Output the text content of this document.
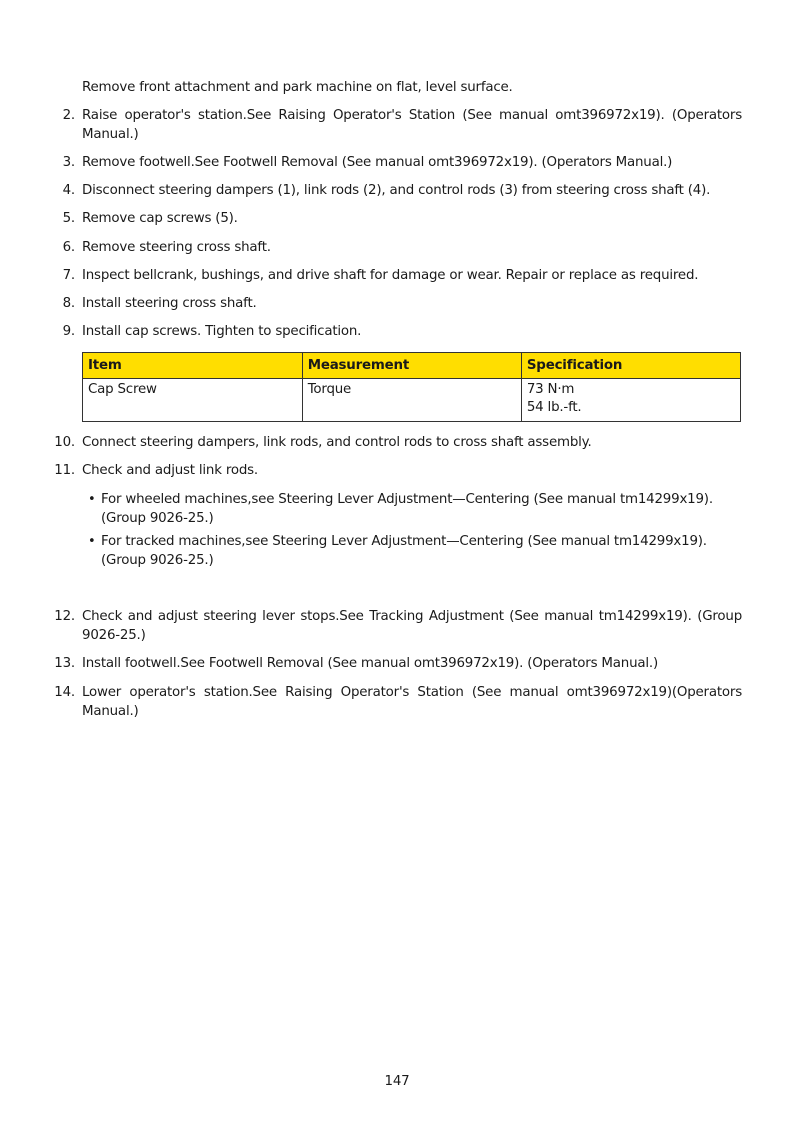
Remove front attachment and park machine on flat, level surface.
2. Raise operator's station.See Raising Operator's Station (See manual omt396972x19). (Operators Manual.)
3. Remove footwell.See Footwell Removal (See manual omt396972x19). (Operators Manual.)
4. Disconnect steering dampers (1), link rods (2), and control rods (3) from steering cross shaft (4).
5. Remove cap screws (5).
6. Remove steering cross shaft.
7. Inspect bellcrank, bushings, and drive shaft for damage or wear. Repair or replace as required.
8. Install steering cross shaft.
9. Install cap screws. Tighten to specification.
Item	Measurement	Specification
Cap Screw	Torque	73 N·m
54 lb.-ft.
10. Connect steering dampers, link rods, and control rods to cross shaft assembly.
11. Check and adjust link rods.
• For wheeled machines,see Steering Lever Adjustment—Centering (See manual tm14299x19). (Group 9026-25.)
• For tracked machines,see Steering Lever Adjustment—Centering (See manual tm14299x19). (Group 9026-25.)
12. Check and adjust steering lever stops.See Tracking Adjustment (See manual tm14299x19). (Group 9026-25.)
13. Install footwell.See Footwell Removal (See manual omt396972x19). (Operators Manual.)
14. Lower operator's station.See Raising Operator's Station (See manual omt396972x19)(Operators Manual.)
147
